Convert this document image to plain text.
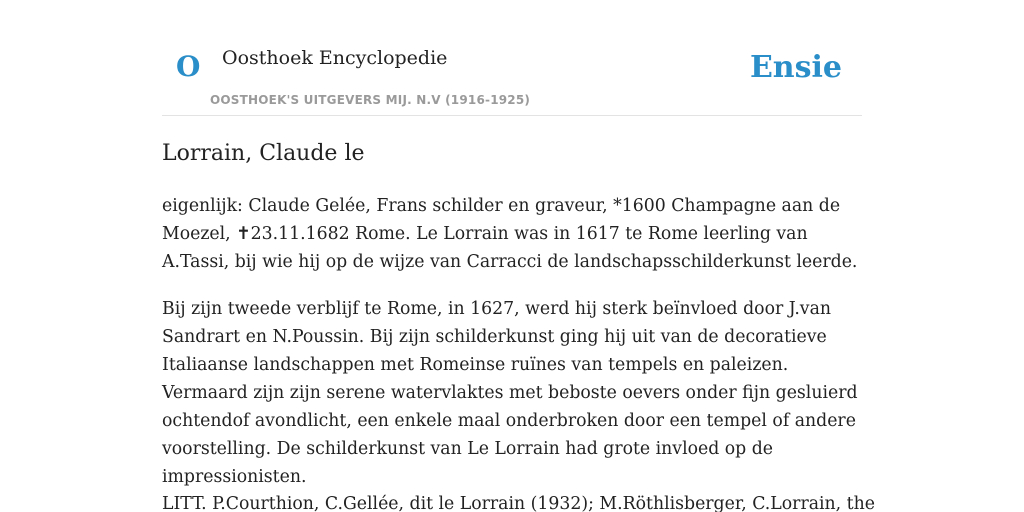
O Oosthoek Encyclopedie
OOSTHOEK'S UITGEVERS MIJ. N.V (1916-1925)
Ensie
Lorrain, Claude le

eigenlijk: Claude Gelée, Frans schilder en graveur, *1600 Champagne aan de Moezel, ✝23.11.1682 Rome. Le Lorrain was in 1617 te Rome leerling van A.Tassi, bij wie hij op de wijze van Carracci de landschapsschilderkunst leerde.

Bij zijn tweede verblijf te Rome, in 1627, werd hij sterk beïnvloed door J.van Sandrart en N.Poussin. Bij zijn schilderkunst ging hij uit van de decoratieve Italiaanse landschappen met Romeinse ruïnes van tempels en paleizen. Vermaard zijn zijn serene watervlaktes met beboste oevers onder fijn gesluierd ochtendof avondlicht, een enkele maal onderbroken door een tempel of andere voorstelling. De schilderkunst van Le Lorrain had grote invloed op de impressionisten.

LITT. P.Courthion, C.Gellée, dit le Lorrain (1932); M.Röthlisberger, C.Lorrain, the
